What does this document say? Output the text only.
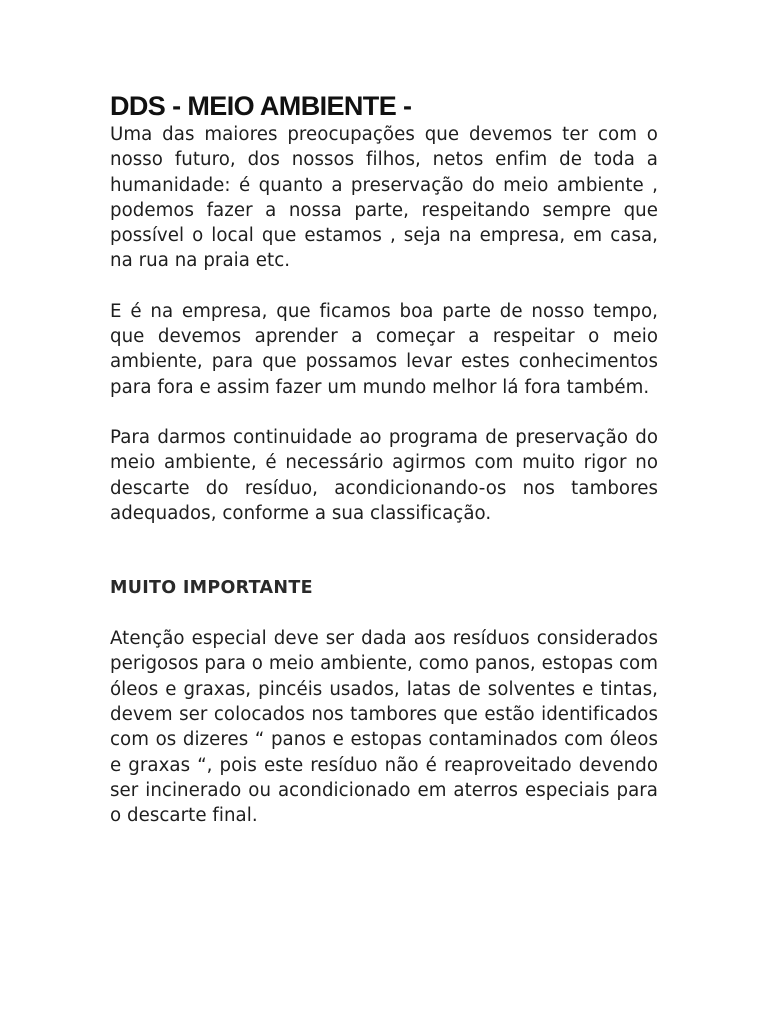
DDS - MEIO AMBIENTE -

Uma das maiores preocupações que devemos ter com o nosso futuro, dos nossos filhos, netos enfim de toda a humanidade: é quanto a preservação do meio ambiente , podemos fazer a nossa parte, respeitando sempre que possível o local que estamos , seja na empresa, em casa, na rua na praia etc.

E é na empresa, que ficamos boa parte de nosso tempo, que devemos aprender a começar a respeitar o meio ambiente, para que possamos levar estes conhecimentos para fora e assim fazer um mundo melhor lá fora também.

Para darmos continuidade ao programa de preservação do meio ambiente, é necessário agirmos com muito rigor no descarte do resíduo, acondicionando-os nos tambores adequados, conforme a sua classificação.

MUITO IMPORTANTE

Atenção especial deve ser dada aos resíduos considerados perigosos para o meio ambiente, como panos, estopas com óleos e graxas, pincéis usados, latas de solventes e tintas, devem ser colocados nos tambores que estão identificados com os dizeres “ panos e estopas contaminados com óleos e graxas “, pois este resíduo não é reaproveitado devendo ser incinerado ou acondicionado em aterros especiais para o descarte final.
